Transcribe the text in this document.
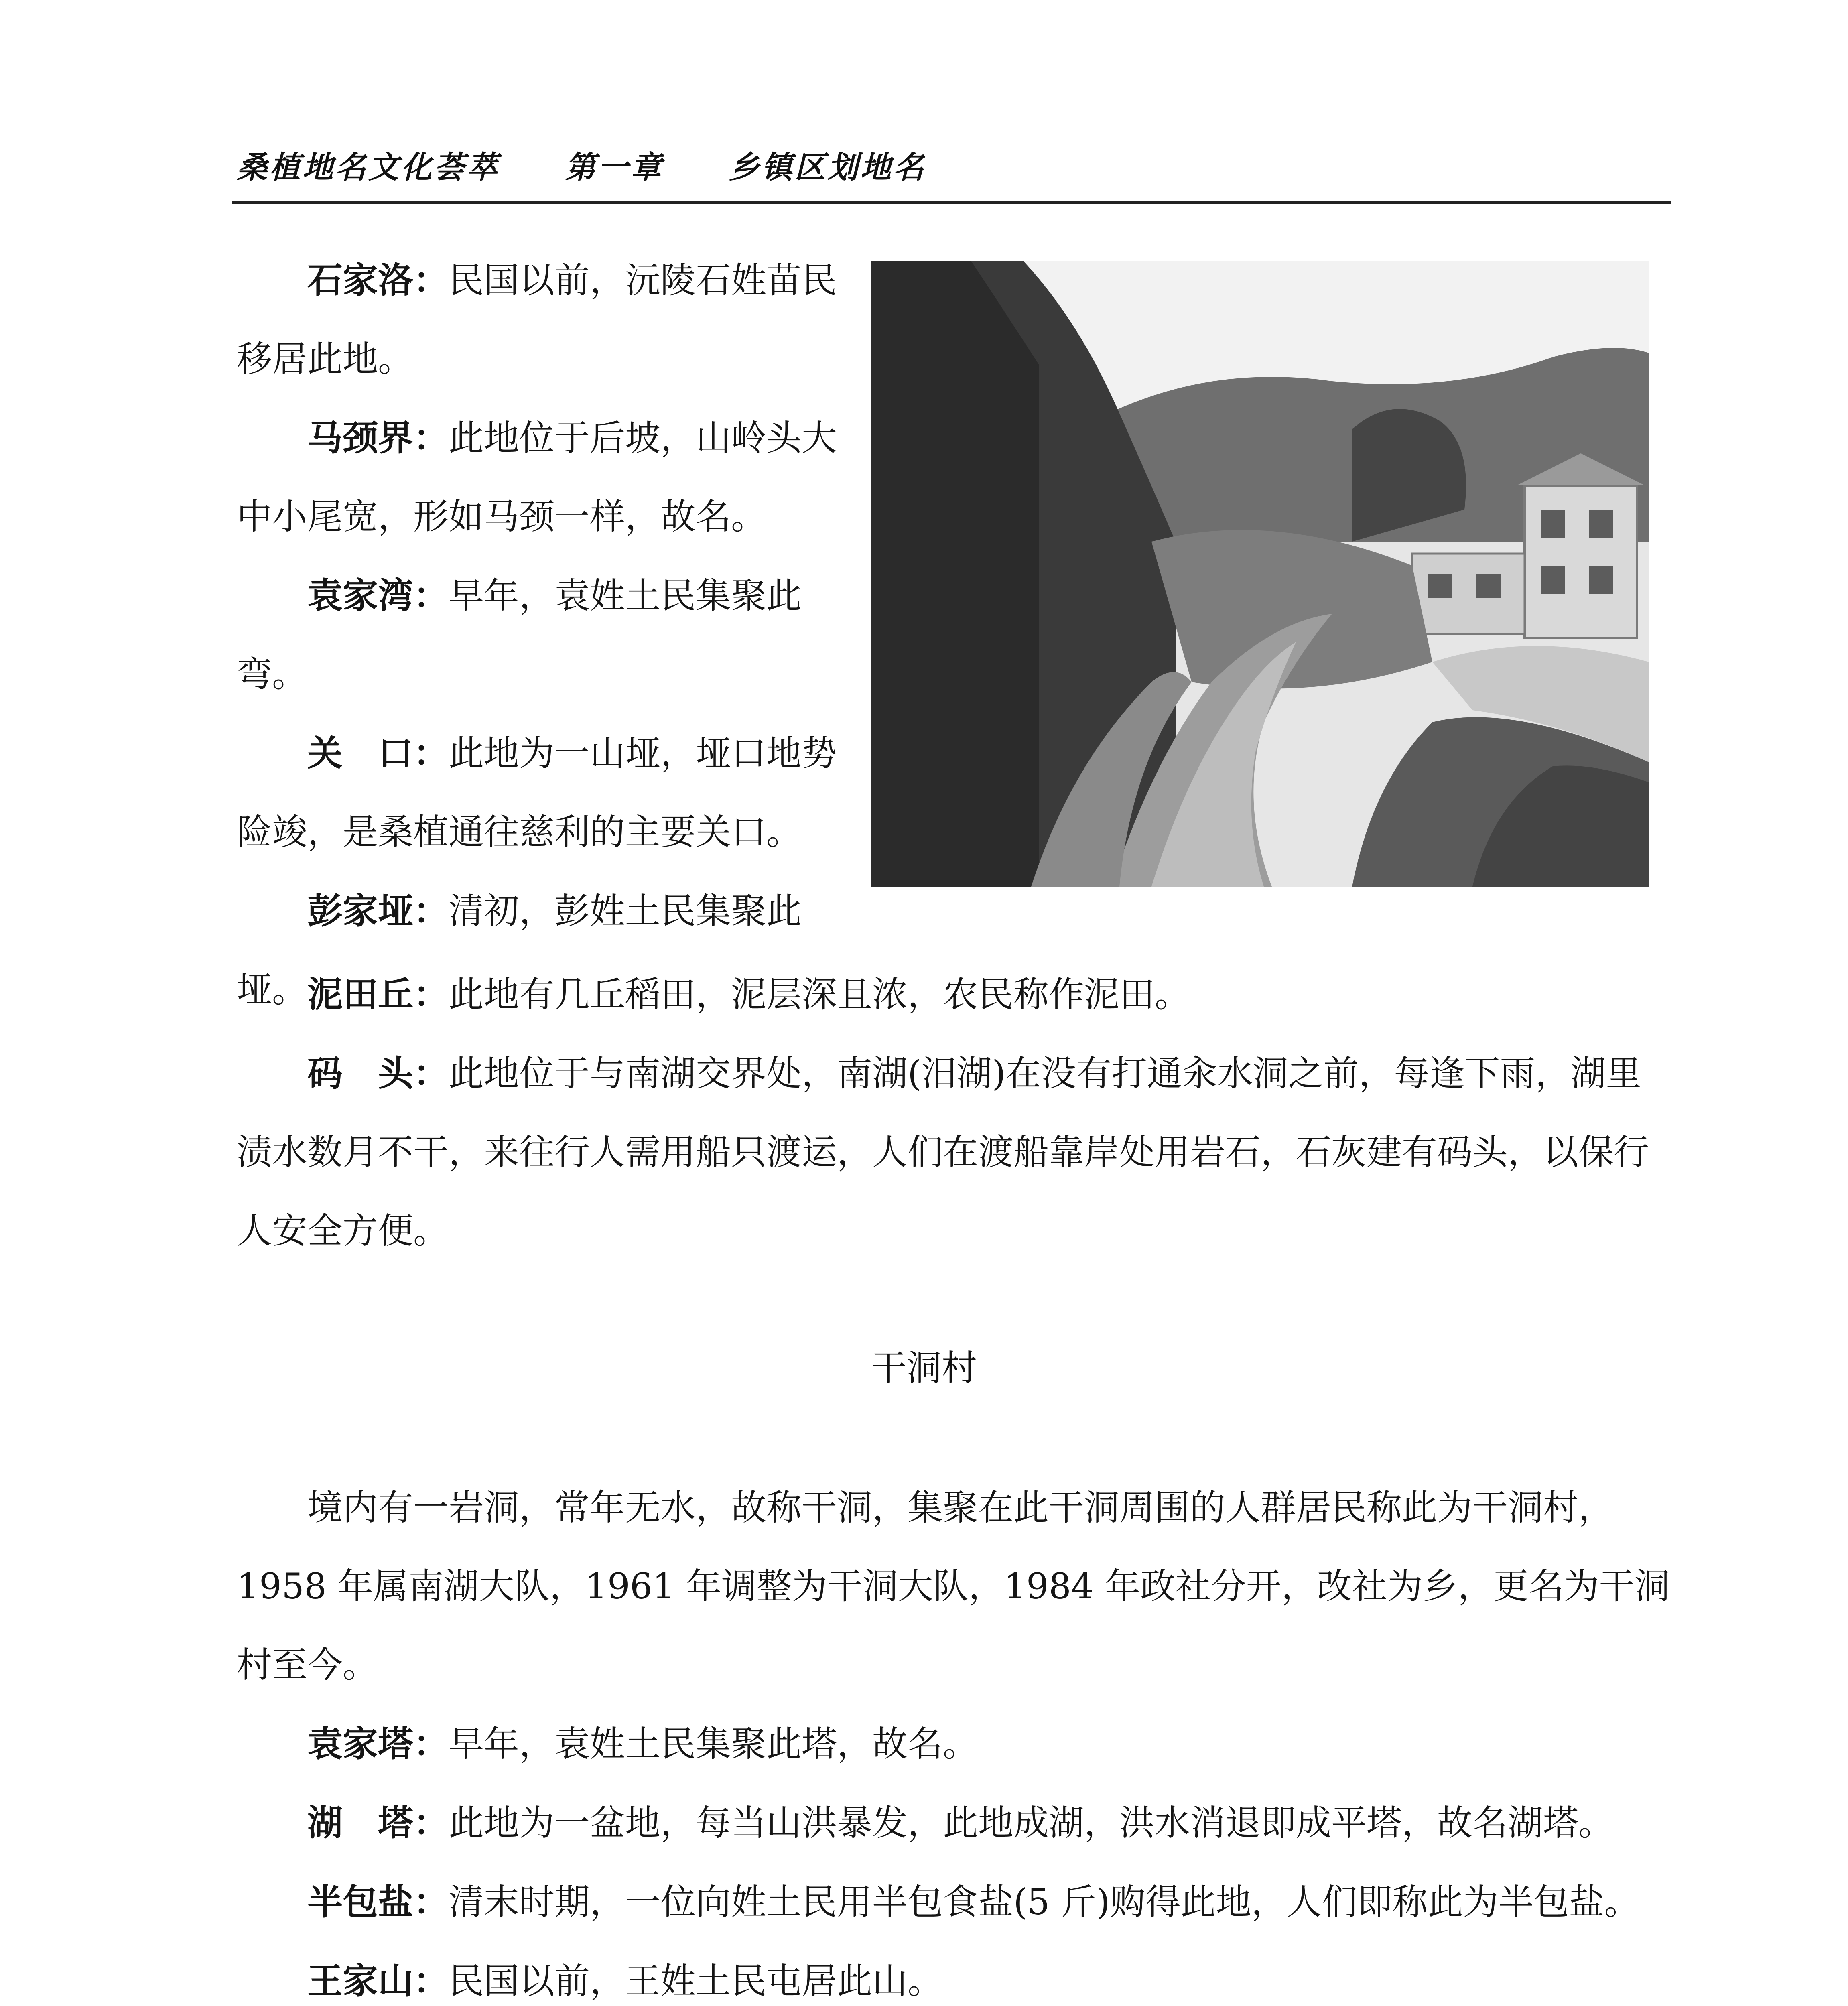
桑植地名文化荟萃     第一章     乡镇区划地名

石家洛：民国以前，沅陵石姓苗民移居此地。

马颈界：此地位于后坡，山岭头大中小尾宽，形如马颈一样，故名。

袁家湾：早年，袁姓土民集聚此弯。

关　口：此地为一山垭，垭口地势险竣，是桑植通往慈利的主要关口。

彭家垭：清初，彭姓土民集聚此垭。 泥田丘：此地有几丘稻田，泥层深且浓，农民称作泥田。

码　头：此地位于与南湖交界处，南湖(汨湖)在没有打通汆水洞之前，每逢下雨，湖里渍水数月不干，来往行人需用船只渡运，人们在渡船靠岸处用岩石，石灰建有码头，以保行人安全方便。

干洞村

境内有一岩洞，常年无水，故称干洞，集聚在此干洞周围的人群居民称此为干洞村，1958 年属南湖大队，1961 年调整为干洞大队，1984 年政社分开，改社为乡，更名为干洞村至今。

袁家塔：早年，袁姓土民集聚此塔，故名。

湖　塔：此地为一盆地，每当山洪暴发，此地成湖，洪水消退即成平塔，故名湖塔。

半包盐：清末时期，一位向姓土民用半包食盐(5 斤)购得此地，人们即称此为半包盐。

王家山：民国以前，王姓土民屯居此山。
